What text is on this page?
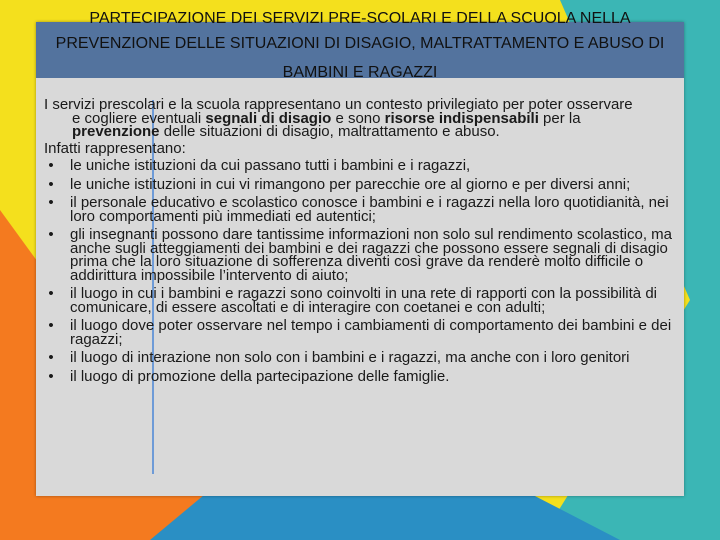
PARTECIPAZIONE DEI SERVIZI PRE-SCOLARI E DELLA SCUOLA NELLA
PREVENZIONE DELLE SITUAZIONI DI DISAGIO, MALTRATTAMENTO E ABUSO DI
BAMBINI E RAGAZZI
I servizi prescolari e la scuola rappresentano un contesto privilegiato per poter osservare
e cogliere eventuali segnali di disagio e sono risorse indispensabili per la
prevenzione delle situazioni di disagio, maltrattamento e abuso.
Infatti rappresentano:
• le uniche istituzioni da cui passano tutti i bambini e i ragazzi,
• le uniche istituzioni in cui vi rimangono per parecchie ore al giorno e per diversi anni;
• il personale educativo e scolastico conosce i bambini e i ragazzi nella loro quotidianità, nei loro comportamenti più immediati ed autentici;
• gli insegnanti possono dare tantissime informazioni non solo sul rendimento scolastico, ma anche sugli atteggiamenti dei bambini e dei ragazzi che possono essere segnali di disagio prima che la loro situazione di sofferenza diventi così grave da renderè molto difficile o addirittura impossibile l’intervento di aiuto;
• il luogo in cui i bambini e ragazzi sono coinvolti in una rete di rapporti con la possibilità di comunicare, di essere ascoltati e di interagire con coetanei e con adulti;
• il luogo dove poter osservare nel tempo i cambiamenti di comportamento dei bambini e dei ragazzi;
• il luogo di interazione non solo con i bambini e i ragazzi, ma anche con i loro genitori
• il luogo di promozione della partecipazione delle famiglie.
